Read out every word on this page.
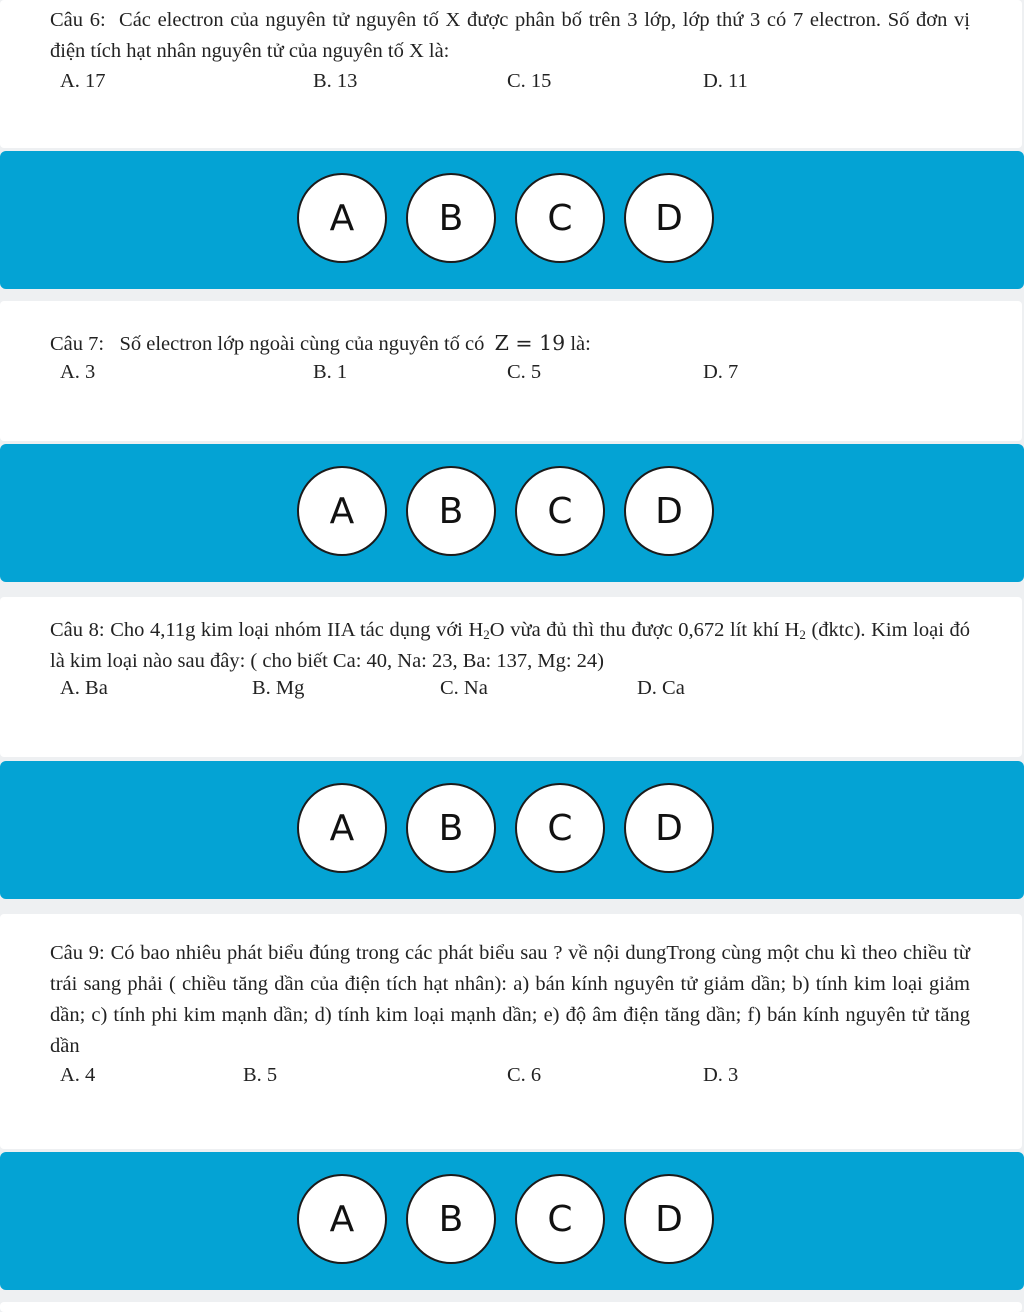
Câu 6: Các electron của nguyên tử nguyên tố X được phân bố trên 3 lớp, lớp thứ 3 có 7 electron. Số đơn vị điện tích hạt nhân nguyên tử của nguyên tố X là:

A. 17	B. 13	C. 15	D. 11
A	B	C	D

Câu 7: Số electron lớp ngoài cùng của nguyên tố có Z = 19 là:

A. 3	B. 1	C. 5	D. 7
A	B	C	D

Câu 8: Cho 4,11g kim loại nhóm IIA tác dụng với $H_2O$ vừa đủ thì thu được 0,672 lít khí $H_2$ (đktc). Kim loại đó là kim loại nào sau đây: ( cho biết Ca: 40, Na: 23, Ba: 137, Mg: 24)

A. Ba	B. Mg	C. Na	D. Ca
A	B	C	D

Câu 9: Có bao nhiêu phát biểu đúng trong các phát biểu sau ? về nội dungTrong cùng một chu kì theo chiều từ trái sang phải ( chiều tăng dần của điện tích hạt nhân): a) bán kính nguyên tử giảm dần; b) tính kim loại giảm dần; c) tính phi kim mạnh dần; d) tính kim loại mạnh dần; e) độ âm điện tăng dần; f) bán kính nguyên tử tăng dần

A. 4	B. 5	C. 6	D. 3
A	B	C	D
